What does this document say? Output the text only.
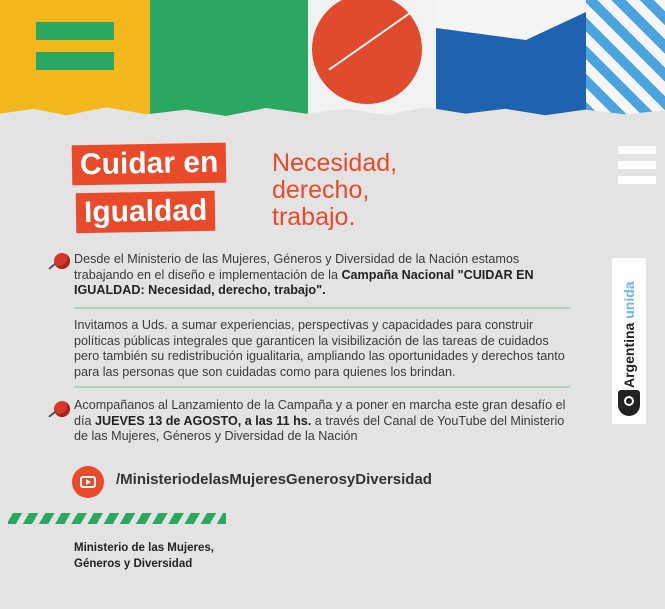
Cuidar en
Igualdad
Necesidad,
derecho,
trabajo.
Desde el Ministerio de las Mujeres, Géneros y Diversidad de la Nación estamos trabajando en el diseño e implementación de la Campaña Nacional "CUIDAR EN IGUALDAD: Necesidad, derecho, trabajo".
Invitamos a Uds. a sumar experiencias, perspectivas y capacidades para construir políticas públicas integrales que garanticen la visibilización de las tareas de cuidados pero también su redistribución igualitaria, ampliando las oportunidades y derechos tanto para las personas que son cuidadas como para quienes los brindan.
Acompañanos al Lanzamiento de la Campaña y a poner en marcha este gran desafío el día JUEVES 13 de AGOSTO, a las 11 hs. a través del Canal de YouTube del Ministerio de las Mujeres, Géneros y Diversidad de la Nación
/MinisteriodelasMujeresGenerosyDiversidad
Ministerio de las Mujeres,
Géneros y Diversidad
Argentina unida
